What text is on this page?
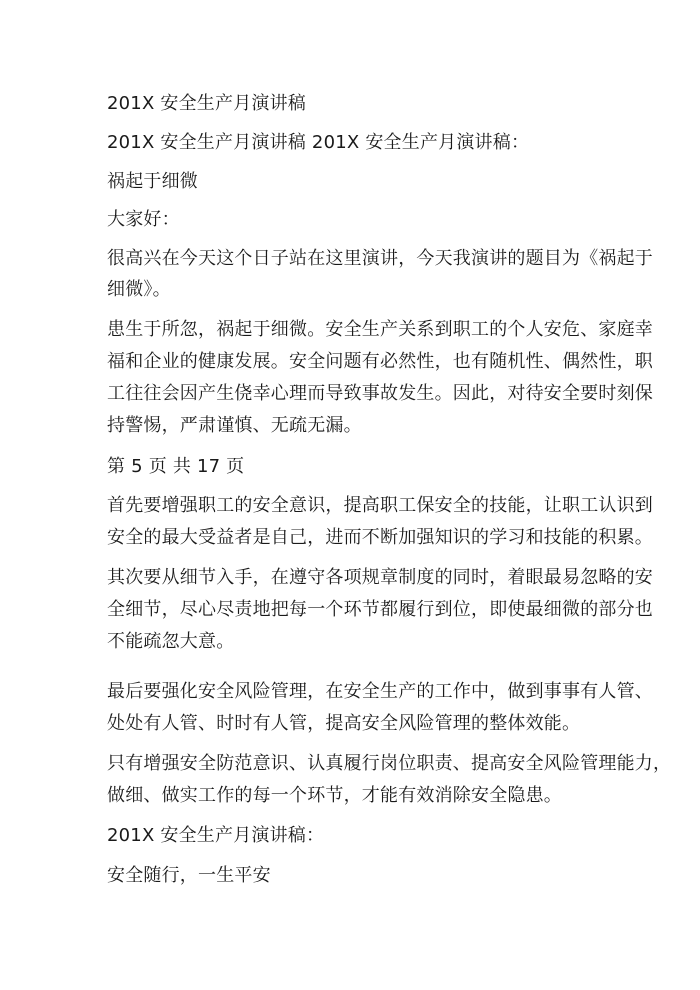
201X 安全生产月演讲稿
201X 安全生产月演讲稿 201X 安全生产月演讲稿：
祸起于细微
大家好：
很高兴在今天这个日子站在这里演讲，今天我演讲的题目为《祸起于
细微》。
患生于所忽，祸起于细微。安全生产关系到职工的个人安危、家庭幸
福和企业的健康发展。安全问题有必然性，也有随机性、偶然性，职
工往往会因产生侥幸心理而导致事故发生。因此，对待安全要时刻保
持警惕，严肃谨慎、无疏无漏。
第 5 页 共 17 页
首先要增强职工的安全意识，提高职工保安全的技能，让职工认识到
安全的最大受益者是自己，进而不断加强知识的学习和技能的积累。
其次要从细节入手，在遵守各项规章制度的同时，着眼最易忽略的安
全细节，尽心尽责地把每一个环节都履行到位，即使最细微的部分也
不能疏忽大意。
最后要强化安全风险管理，在安全生产的工作中，做到事事有人管、
处处有人管、时时有人管，提高安全风险管理的整体效能。
只有增强安全防范意识、认真履行岗位职责、提高安全风险管理能力，
做细、做实工作的每一个环节，才能有效消除安全隐患。
201X 安全生产月演讲稿：
安全随行，一生平安
